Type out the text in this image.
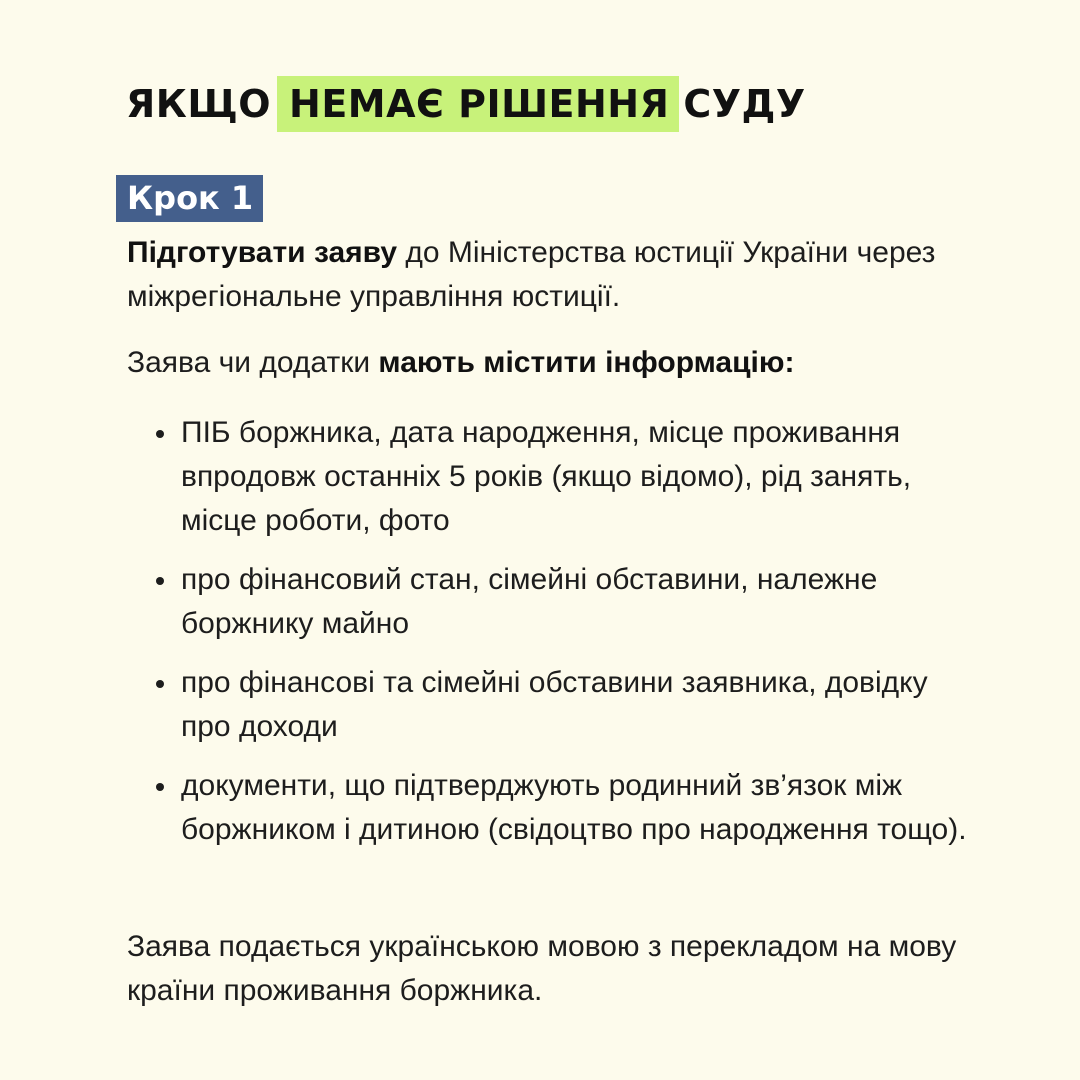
ЯКЩО НЕМАЄ РІШЕННЯ СУДУ
Крок 1
Підготувати заяву до Міністерства юстиції України через міжрегіональне управління юстиції.
Заява чи додатки мають містити інформацію:
ПІБ боржника, дата народження, місце проживання впродовж останніх 5 років (якщо відомо), рід занять, місце роботи, фото
про фінансовий стан, сімейні обставини, належне боржнику майно
про фінансові та сімейні обставини заявника, довідку про доходи
документи, що підтверджують родинний зв’язок між боржником і дитиною (свідоцтво про народження тощо).
Заява подається українською мовою з перекладом на мову країни проживання боржника.
